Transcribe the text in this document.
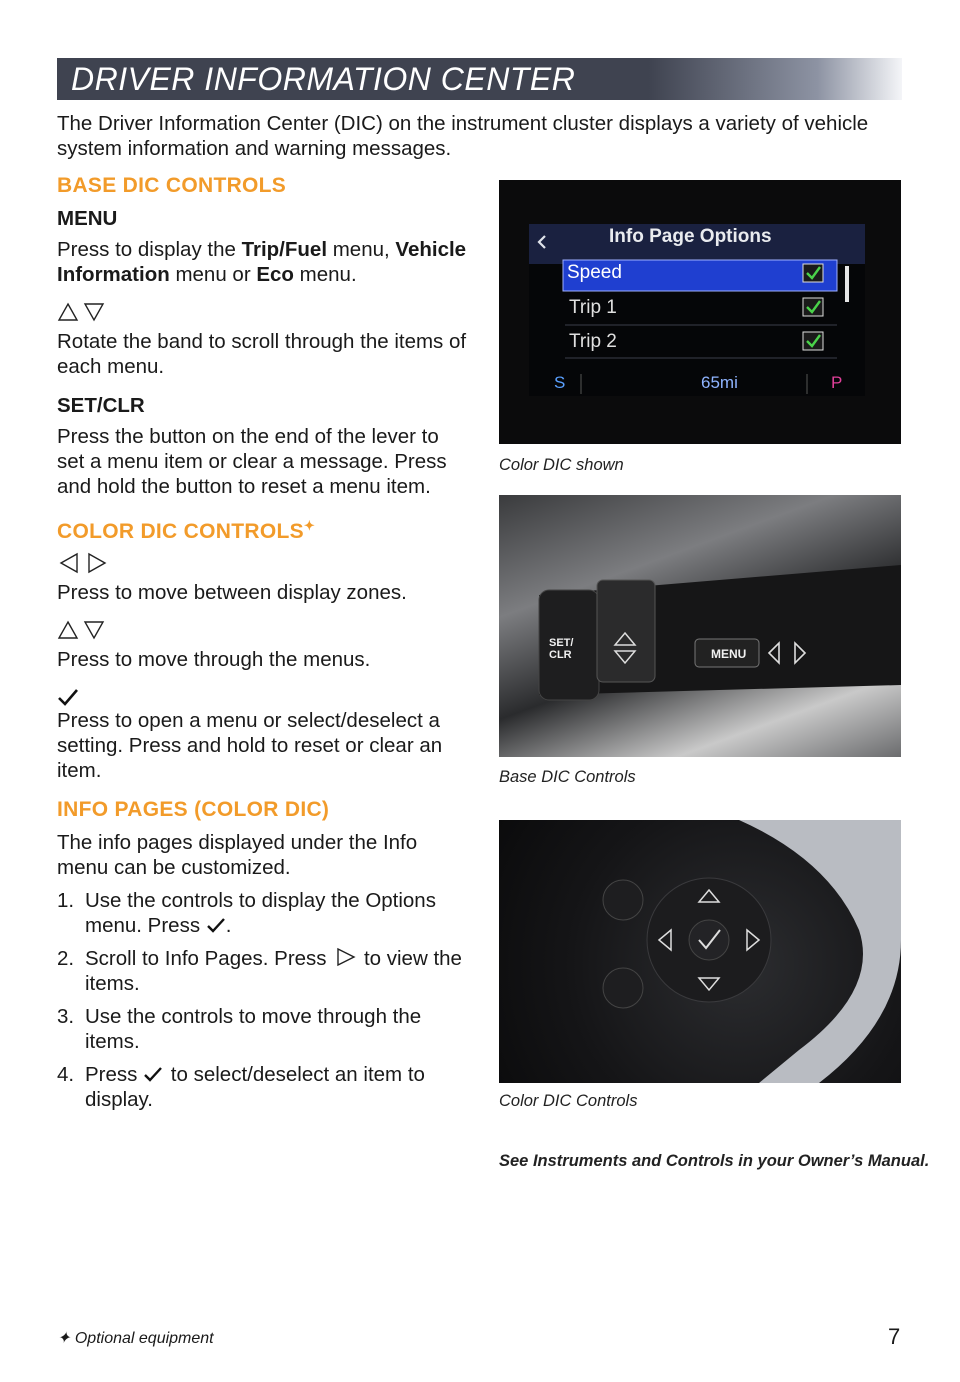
DRIVER INFORMATION CENTER
The Driver Information Center (DIC) on the instrument cluster displays a variety of vehicle system information and warning messages.
BASE DIC CONTROLS
MENU

Press to display the Trip/Fuel menu, Vehicle Information menu or Eco menu.

Rotate the band to scroll through the items of each menu.

SET/CLR

Press the button on the end of the lever to set a menu item or clear a message. Press and hold the button to reset a menu item.

COLOR DIC CONTROLS✦

Press to move between display zones.

Press to move through the menus.

Press to open a menu or select/deselect a setting. Press and hold to reset or clear an item.

INFO PAGES (COLOR DIC)

The info pages displayed under the Info menu can be customized.

1. Use the controls to display the Options menu. Press .
2. Scroll to Info Pages. Press  to view the items.
3. Use the controls to move through the items.
4. Press  to select/deselect an item to display.
Info Page Options
Speed
Trip 1
Trip 2
S	65mi	P
Color DIC shown
SET/
CLR	MENU
Base DIC Controls
Color DIC Controls
See Instruments and Controls in your Owner’s Manual.
✦ Optional equipment	7
